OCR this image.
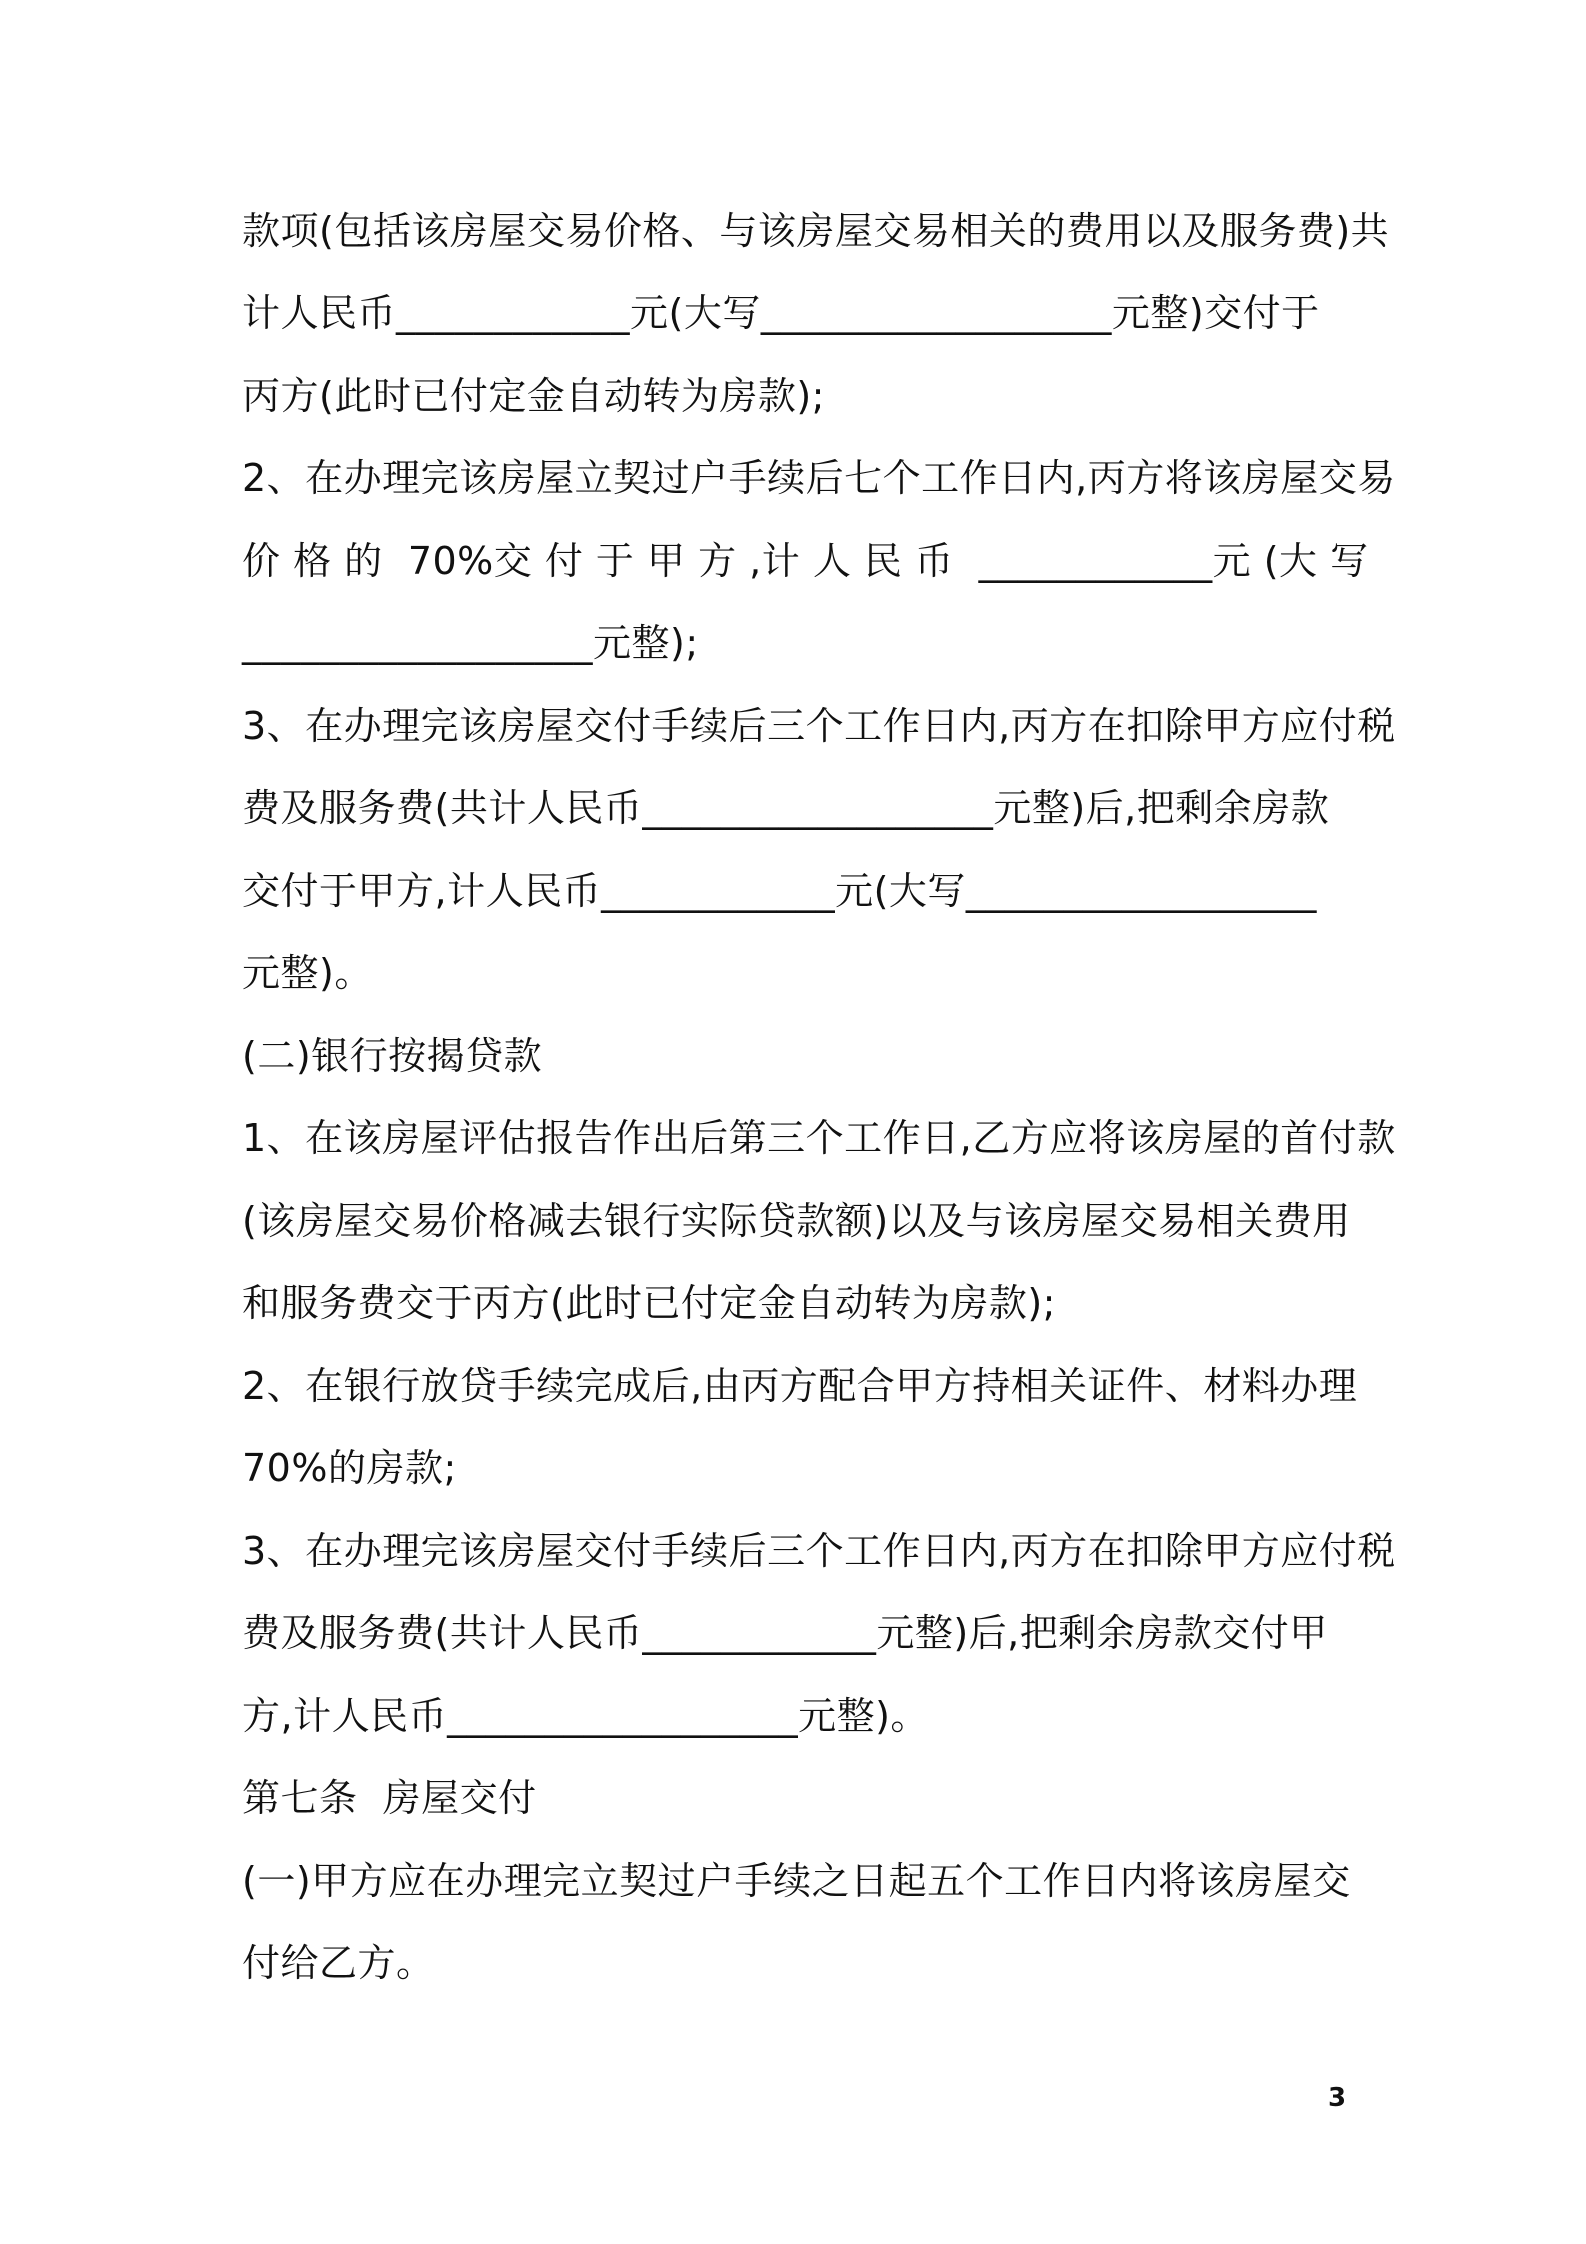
款项(包括该房屋交易价格、与该房屋交易相关的费用以及服务费)共
计人民币____________元(大写__________________元整)交付于
丙方(此时已付定金自动转为房款);
2、在办理完该房屋立契过户手续后七个工作日内,丙方将该房屋交易
价 格 的  70%交 付 于 甲 方 ,计 人 民 币  ____________元 (大 写
__________________元整);
3、在办理完该房屋交付手续后三个工作日内,丙方在扣除甲方应付税
费及服务费(共计人民币__________________元整)后,把剩余房款
交付于甲方,计人民币____________元(大写__________________
元整)。
(二)银行按揭贷款
1、在该房屋评估报告作出后第三个工作日,乙方应将该房屋的首付款
(该房屋交易价格减去银行实际贷款额)以及与该房屋交易相关费用
和服务费交于丙方(此时已付定金自动转为房款);
2、在银行放贷手续完成后,由丙方配合甲方持相关证件、材料办理
70%的房款;
3、在办理完该房屋交付手续后三个工作日内,丙方在扣除甲方应付税
费及服务费(共计人民币____________元整)后,把剩余房款交付甲
方,计人民币__________________元整)。
第七条  房屋交付
(一)甲方应在办理完立契过户手续之日起五个工作日内将该房屋交
付给乙方。
3
